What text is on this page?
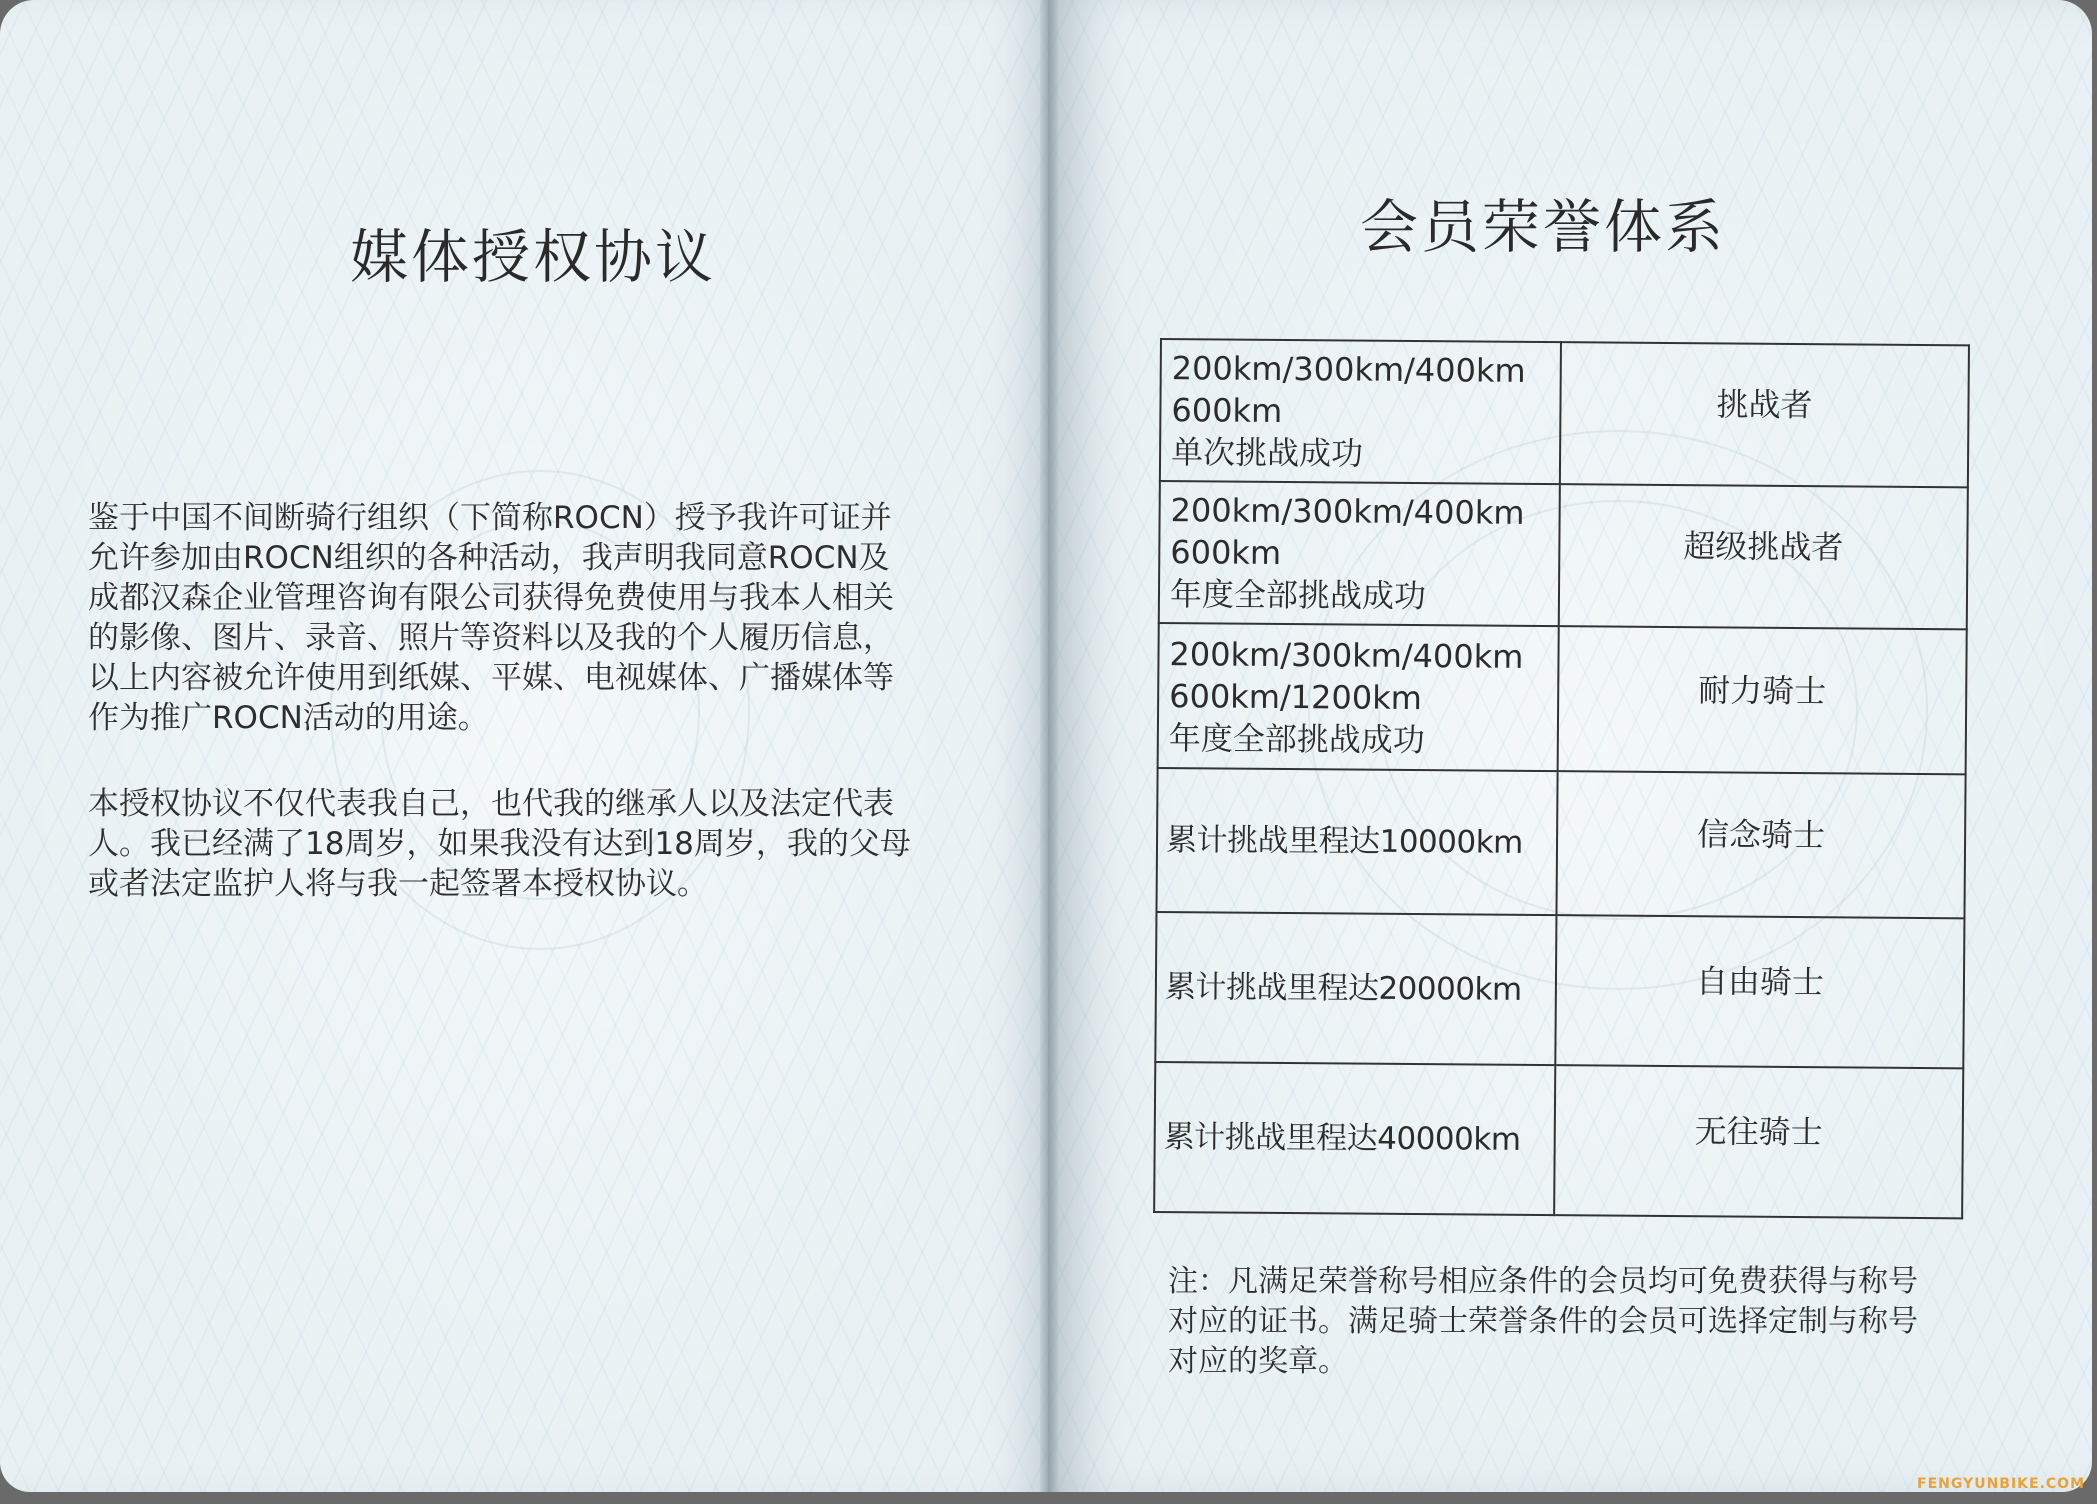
媒体授权协议
鉴于中国不间断骑行组织（下简称ROCN）授予我许可证并
允许参加由ROCN组织的各种活动，我声明我同意ROCN及
成都汉森企业管理咨询有限公司获得免费使用与我本人相关
的影像、图片、录音、照片等资料以及我的个人履历信息，
以上内容被允许使用到纸媒、平媒、电视媒体、广播媒体等
作为推广ROCN活动的用途。
本授权协议不仅代表我自己，也代我的继承人以及法定代表
人。我已经满了18周岁，如果我没有达到18周岁，我的父母
或者法定监护人将与我一起签署本授权协议。
会员荣誉体系
200km/300km/400km
600km
单次挑战成功	挑战者

200km/300km/400km
600km
年度全部挑战成功	超级挑战者

200km/300km/400km
600km/1200km
年度全部挑战成功	耐力骑士

累计挑战里程达10000km	信念骑士

累计挑战里程达20000km	自由骑士

累计挑战里程达40000km	无往骑士
注：凡满足荣誉称号相应条件的会员均可免费获得与称号
对应的证书。满足骑士荣誉条件的会员可选择定制与称号
对应的奖章。
FENGYUNBIKE.COM
